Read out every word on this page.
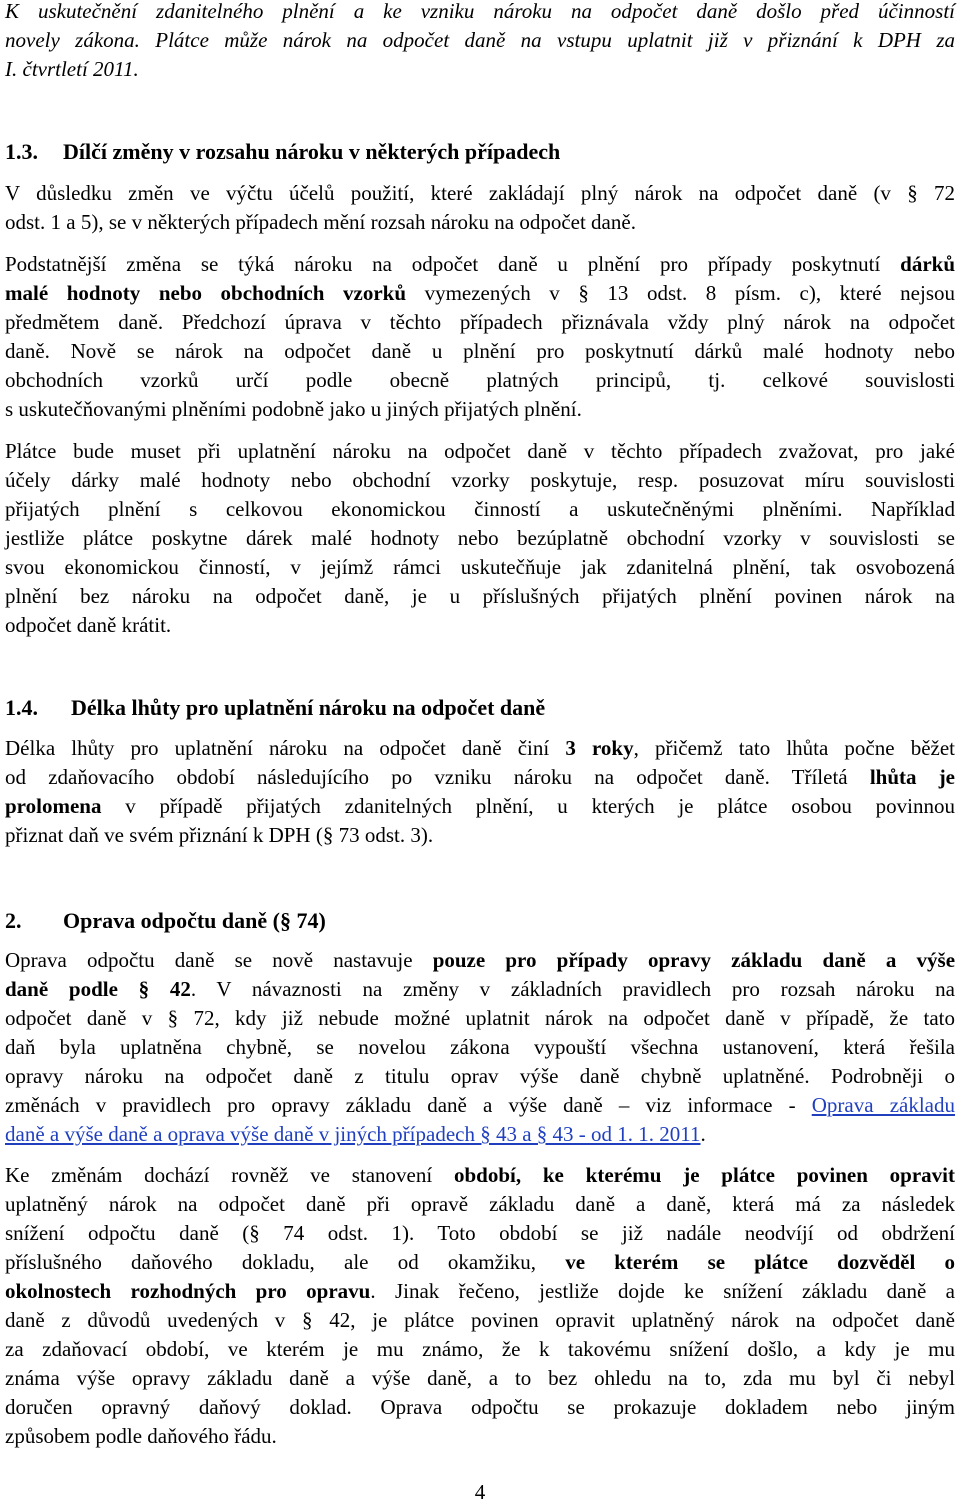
K uskutečnění zdanitelného plnění a ke vzniku nároku na odpočet daně došlo před účinností
novely zákona. Plátce může nárok na odpočet daně na vstupu uplatnit již v přiznání k DPH za
I. čtvrtletí 2011.
1.3. Dílčí změny v rozsahu nároku v některých případech
V důsledku změn ve výčtu účelů použití, které zakládají plný nárok na odpočet daně (v § 72
odst. 1 a 5), se v některých případech mění rozsah nároku na odpočet daně.
Podstatnější změna se týká nároku na odpočet daně u plnění pro případy poskytnutí dárků
malé hodnoty nebo obchodních vzorků vymezených v § 13 odst. 8 písm. c), které nejsou
předmětem daně. Předchozí úprava v těchto případech přiznávala vždy plný nárok na odpočet
daně. Nově se nárok na odpočet daně u plnění pro poskytnutí dárků malé hodnoty nebo
obchodních vzorků určí podle obecně platných principů, tj. celkové souvislosti
s uskutečňovanými plněními podobně jako u jiných přijatých plnění.
Plátce bude muset při uplatnění nároku na odpočet daně v těchto případech zvažovat, pro jaké
účely dárky malé hodnoty nebo obchodní vzorky poskytuje, resp. posuzovat míru souvislosti
přijatých plnění s celkovou ekonomickou činností a uskutečněnými plněními. Například
jestliže plátce poskytne dárek malé hodnoty nebo bezúplatně obchodní vzorky v souvislosti se
svou ekonomickou činností, v jejímž rámci uskutečňuje jak zdanitelná plnění, tak osvobozená
plnění bez nároku na odpočet daně, je u příslušných přijatých plnění povinen nárok na
odpočet daně krátit.
1.4. Délka lhůty pro uplatnění nároku na odpočet daně
Délka lhůty pro uplatnění nároku na odpočet daně činí 3 roky, přičemž tato lhůta počne běžet
od zdaňovacího období následujícího po vzniku nároku na odpočet daně. Tříletá lhůta je
prolomena v případě přijatých zdanitelných plnění, u kterých je plátce osobou povinnou
přiznat daň ve svém přiznání k DPH (§ 73 odst. 3).
2. Oprava odpočtu daně (§ 74)
Oprava odpočtu daně se nově nastavuje pouze pro případy opravy základu daně a výše
daně podle § 42. V návaznosti na změny v základních pravidlech pro rozsah nároku na
odpočet daně v § 72, kdy již nebude možné uplatnit nárok na odpočet daně v případě, že tato
daň byla uplatněna chybně, se novelou zákona vypouští všechna ustanovení, která řešila
opravy nároku na odpočet daně z titulu oprav výše daně chybně uplatněné. Podrobněji o
změnách v pravidlech pro opravy základu daně a výše daně – viz informace - Oprava základu
daně a výše daně a oprava výše daně v jiných případech § 43 a § 43 - od 1. 1. 2011.
Ke změnám dochází rovněž ve stanovení období, ke kterému je plátce povinen opravit
uplatněný nárok na odpočet daně při opravě základu daně a daně, která má za následek
snížení odpočtu daně (§ 74 odst. 1). Toto období se již nadále neodvíjí od obdržení
příslušného daňového dokladu, ale od okamžiku, ve kterém se plátce dozvěděl o
okolnostech rozhodných pro opravu. Jinak řečeno, jestliže dojde ke snížení základu daně a
daně z důvodů uvedených v § 42, je plátce povinen opravit uplatněný nárok na odpočet daně
za zdaňovací období, ve kterém je mu známo, že k takovému snížení došlo, a kdy je mu
známa výše opravy základu daně a výše daně, a to bez ohledu na to, zda mu byl či nebyl
doručen opravný daňový doklad. Oprava odpočtu se prokazuje dokladem nebo jiným
způsobem podle daňového řádu.
4
